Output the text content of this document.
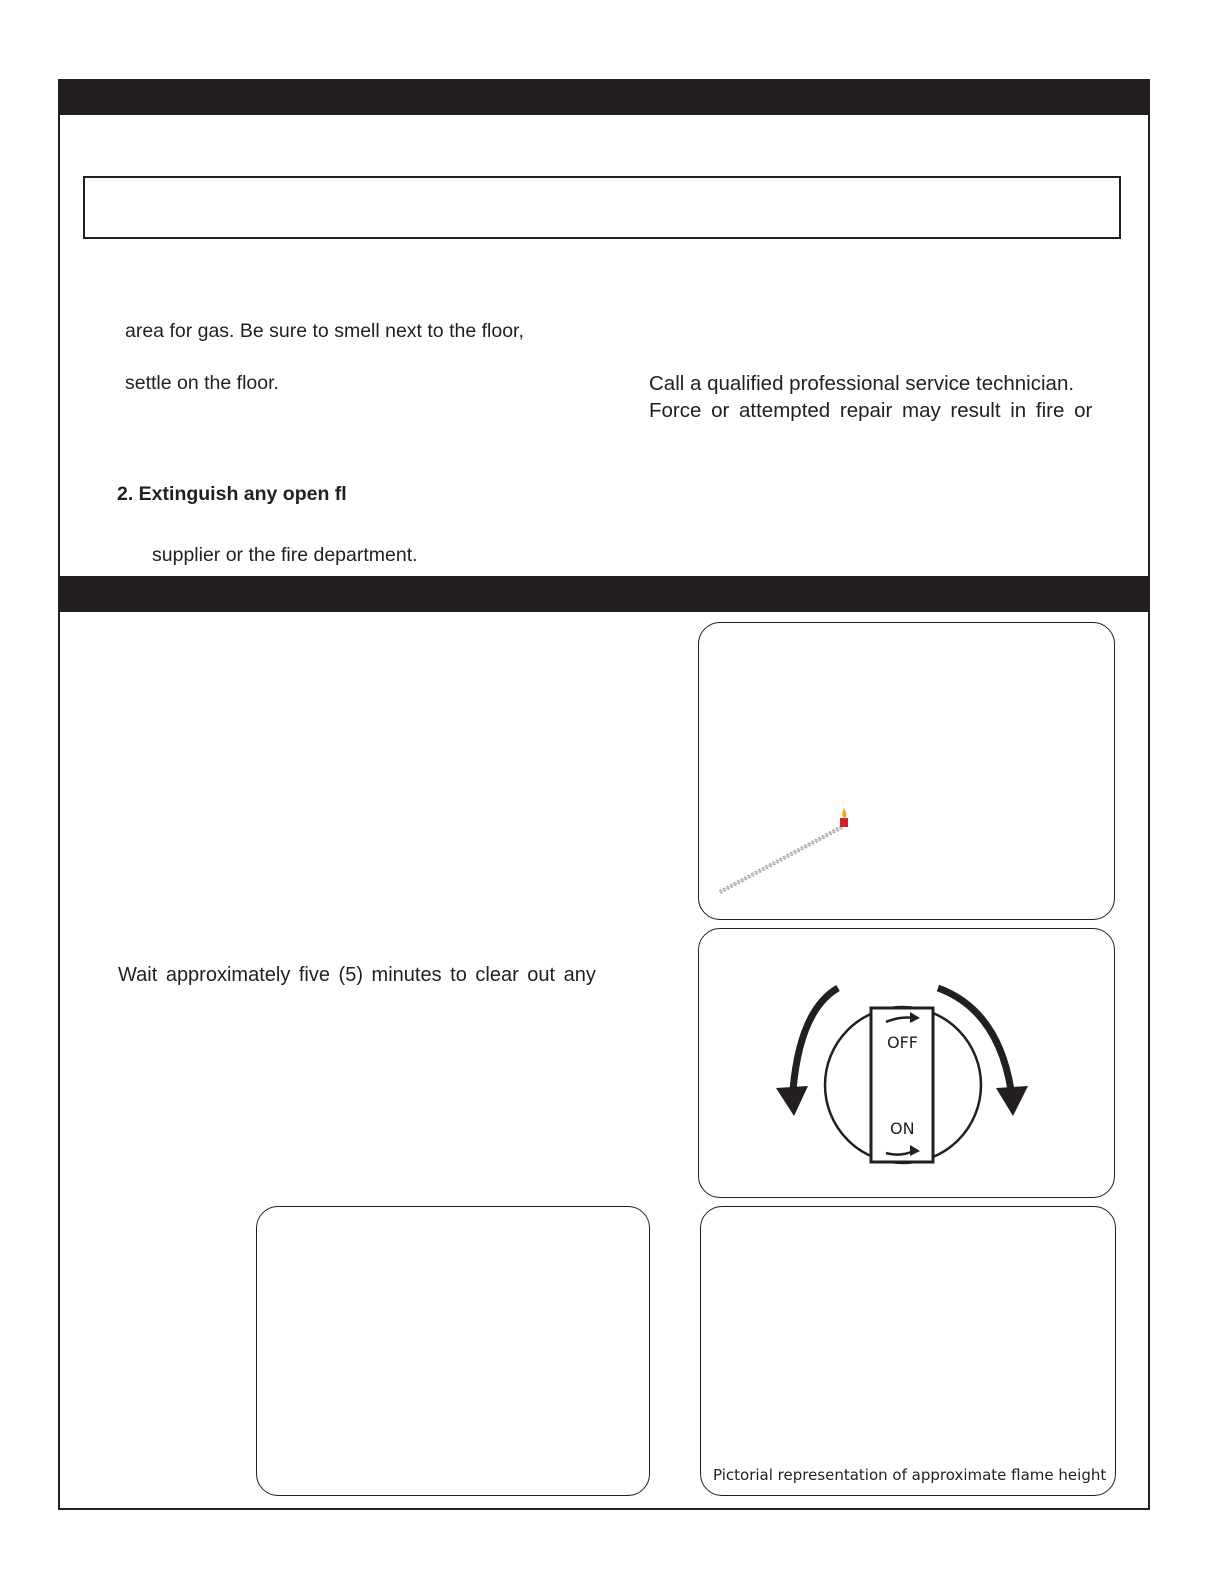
area for gas. Be sure to smell next to the floor,
settle on the floor.
2. Extinguish any open fl
supplier or the fire department.
Call a qualified professional service technician.
Force or attempted repair may result in fire or
Wait approximately five (5) minutes to clear out any
OFF
ON
Pictorial representation of approximate flame height
